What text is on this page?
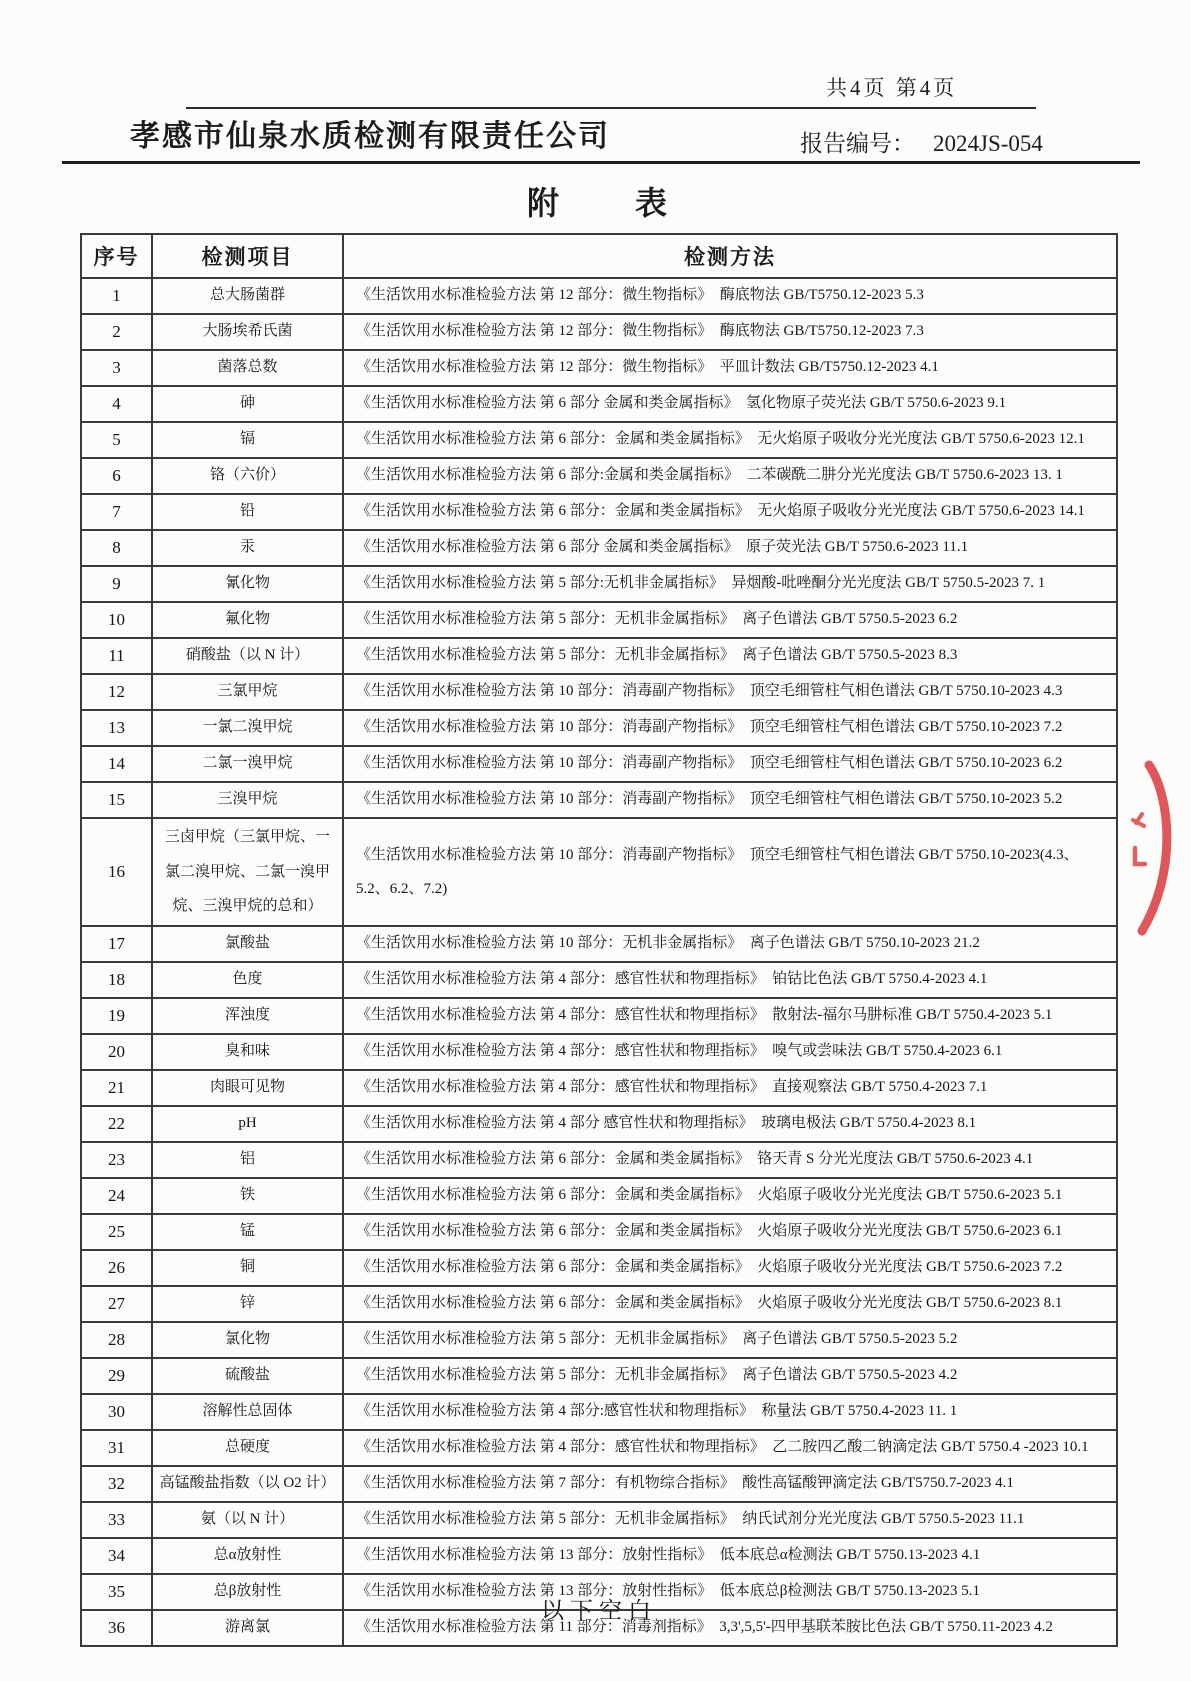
共4页 第4页
孝感市仙泉水质检测有限责任公司	报告编号： 2024JS-054
附　　表
序号	检测项目	检测方法
1	总大肠菌群	《生活饮用水标准检验方法 第 12 部分：微生物指标》　酶底物法 GB/T5750.12-2023 5.3
2	大肠埃希氏菌	《生活饮用水标准检验方法 第 12 部分：微生物指标》　酶底物法 GB/T5750.12-2023 7.3
3	菌落总数	《生活饮用水标准检验方法 第 12 部分：微生物指标》　平皿计数法 GB/T5750.12-2023 4.1
4	砷	《生活饮用水标准检验方法 第 6 部分 金属和类金属指标》　氢化物原子荧光法 GB/T 5750.6-2023 9.1
5	镉	《生活饮用水标准检验方法 第 6 部分：金属和类金属指标》　无火焰原子吸收分光光度法 GB/T 5750.6-2023 12.1
6	铬（六价）	《生活饮用水标准检验方法 第 6 部分:金属和类金属指标》　二苯碳酰二肼分光光度法 GB/T 5750.6-2023 13. 1
7	铅	《生活饮用水标准检验方法 第 6 部分：金属和类金属指标》　无火焰原子吸收分光光度法 GB/T 5750.6-2023 14.1
8	汞	《生活饮用水标准检验方法 第 6 部分 金属和类金属指标》　原子荧光法 GB/T 5750.6-2023 11.1
9	氰化物	《生活饮用水标准检验方法 第 5 部分:无机非金属指标》　异烟酸-吡唑酮分光光度法 GB/T 5750.5-2023 7. 1
10	氟化物	《生活饮用水标准检验方法 第 5 部分：无机非金属指标》　离子色谱法 GB/T 5750.5-2023 6.2
11	硝酸盐（以 N 计）	《生活饮用水标准检验方法 第 5 部分：无机非金属指标》　离子色谱法 GB/T 5750.5-2023 8.3
12	三氯甲烷	《生活饮用水标准检验方法 第 10 部分：消毒副产物指标》　顶空毛细管柱气相色谱法 GB/T 5750.10-2023 4.3
13	一氯二溴甲烷	《生活饮用水标准检验方法 第 10 部分：消毒副产物指标》　顶空毛细管柱气相色谱法 GB/T 5750.10-2023 7.2
14	二氯一溴甲烷	《生活饮用水标准检验方法 第 10 部分：消毒副产物指标》　顶空毛细管柱气相色谱法 GB/T 5750.10-2023 6.2
15	三溴甲烷	《生活饮用水标准检验方法 第 10 部分：消毒副产物指标》　顶空毛细管柱气相色谱法 GB/T 5750.10-2023 5.2
16	三卤甲烷（三氯甲烷、一氯二溴甲烷、二氯一溴甲烷、三溴甲烷的总和）	《生活饮用水标准检验方法 第 10 部分：消毒副产物指标》　顶空毛细管柱气相色谱法 GB/T 5750.10-2023(4.3、5.2、6.2、7.2)
17	氯酸盐	《生活饮用水标准检验方法 第 10 部分：无机非金属指标》　离子色谱法 GB/T 5750.10-2023 21.2
18	色度	《生活饮用水标准检验方法 第 4 部分：感官性状和物理指标》　铂钴比色法 GB/T 5750.4-2023 4.1
19	浑浊度	《生活饮用水标准检验方法 第 4 部分：感官性状和物理指标》　散射法-福尔马肼标准 GB/T 5750.4-2023 5.1
20	臭和味	《生活饮用水标准检验方法 第 4 部分：感官性状和物理指标》　嗅气或尝味法 GB/T 5750.4-2023 6.1
21	肉眼可见物	《生活饮用水标准检验方法 第 4 部分：感官性状和物理指标》　直接观察法 GB/T 5750.4-2023 7.1
22	pH	《生活饮用水标准检验方法 第 4 部分 感官性状和物理指标》　玻璃电极法 GB/T 5750.4-2023 8.1
23	铝	《生活饮用水标准检验方法 第 6 部分：金属和类金属指标》　铬天青 S 分光光度法 GB/T 5750.6-2023 4.1
24	铁	《生活饮用水标准检验方法 第 6 部分：金属和类金属指标》　火焰原子吸收分光光度法 GB/T 5750.6-2023 5.1
25	锰	《生活饮用水标准检验方法 第 6 部分：金属和类金属指标》　火焰原子吸收分光光度法 GB/T 5750.6-2023 6.1
26	铜	《生活饮用水标准检验方法 第 6 部分：金属和类金属指标》　火焰原子吸收分光光度法 GB/T 5750.6-2023 7.2
27	锌	《生活饮用水标准检验方法 第 6 部分：金属和类金属指标》　火焰原子吸收分光光度法 GB/T 5750.6-2023 8.1
28	氯化物	《生活饮用水标准检验方法 第 5 部分：无机非金属指标》　离子色谱法 GB/T 5750.5-2023 5.2
29	硫酸盐	《生活饮用水标准检验方法 第 5 部分：无机非金属指标》　离子色谱法 GB/T 5750.5-2023 4.2
30	溶解性总固体	《生活饮用水标准检验方法 第 4 部分:感官性状和物理指标》　称量法 GB/T 5750.4-2023 11. 1
31	总硬度	《生活饮用水标准检验方法 第 4 部分：感官性状和物理指标》　乙二胺四乙酸二钠滴定法 GB/T 5750.4 -2023 10.1
32	高锰酸盐指数（以 O2 计）	《生活饮用水标准检验方法 第 7 部分：有机物综合指标》　酸性高锰酸钾滴定法 GB/T5750.7-2023 4.1
33	氨（以 N 计）	《生活饮用水标准检验方法 第 5 部分：无机非金属指标》　纳氏试剂分光光度法 GB/T 5750.5-2023 11.1
34	总α放射性	《生活饮用水标准检验方法 第 13 部分：放射性指标》　低本底总α检测法 GB/T 5750.13-2023 4.1
35	总β放射性	《生活饮用水标准检验方法 第 13 部分：放射性指标》　低本底总β检测法 GB/T 5750.13-2023 5.1
36	游离氯	《生活饮用水标准检验方法 第 11 部分：消毒剂指标》　3,3',5,5'-四甲基联苯胺比色法 GB/T 5750.11-2023 4.2
以下空白
